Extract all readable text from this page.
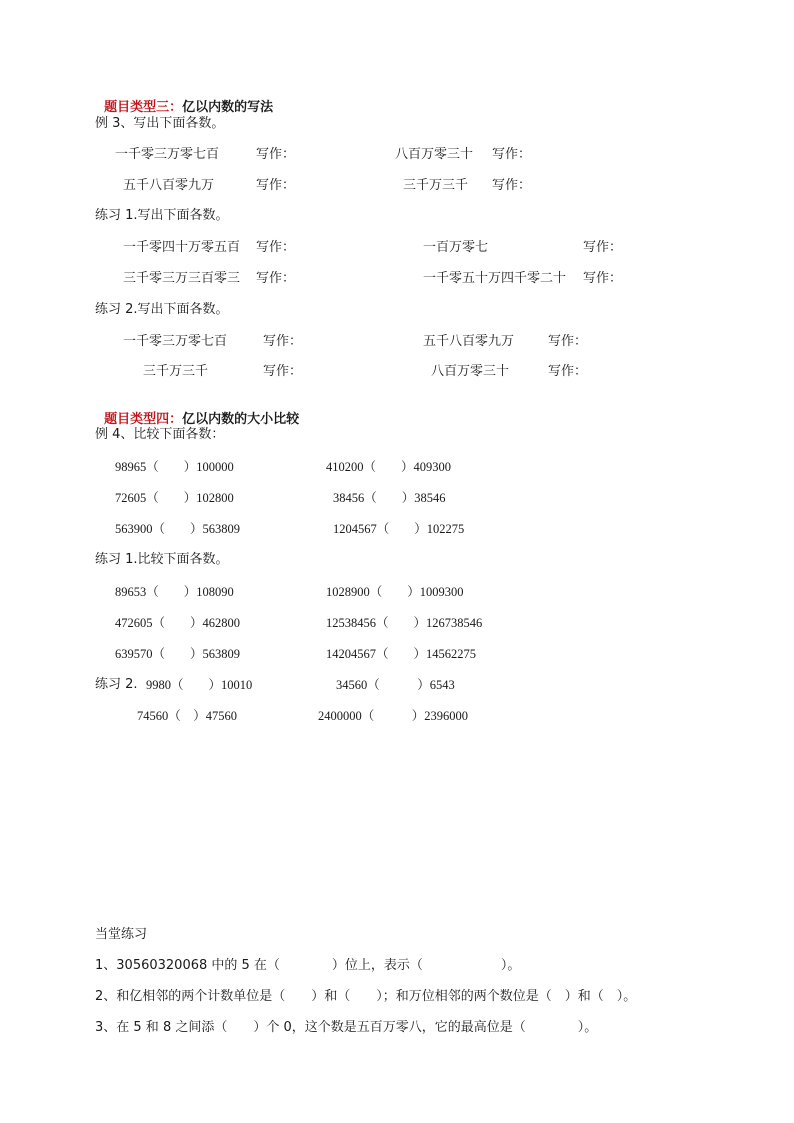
题目类型三：亿以内数的写法

例 3、写出下面各数。
一千零三万零七百	写作：	八百万零三十 写作：
五千八百零九万	写作：	三千万三千 写作：
练习 1.写出下面各数。
一千零四十万零五百 写作：	一百万零七	写作：
三千零三万三百零三 写作：	一千零五十万四千零二十 写作：
练习 2.写出下面各数。
一千零三万零七百	写作：	五千八百零九万	写作：
三千万三千	写作：	八百万零三十	写作：

题目类型四：亿以内数的大小比较

例 4、比较下面各数：
98965（　　）100000	410200（　　）409300
72605（　　）102800	38456（　　）38546
563900（　　）563809	1204567（　　）102275
练习 1.比较下面各数。
89653（　　）108090	1028900（　　）1009300
472605（　　）462800	12538456（　　）126738546
639570（　　）563809	14204567（　　）14562275
练习 2. 9980（　　）10010	34560（　　　）6543
74560（　）47560	2400000（　　　）2396000
当堂练习
1、30560320068 中的 5 在（　　　　）位上，表示（　　　　　　）。
2、和亿相邻的两个计数单位是（　　）和（　　）；和万位相邻的两个数位是（　）和（　）。
3、在 5 和 8 之间添（　　）个 0，这个数是五百万零八，它的最高位是（　　　　）。
